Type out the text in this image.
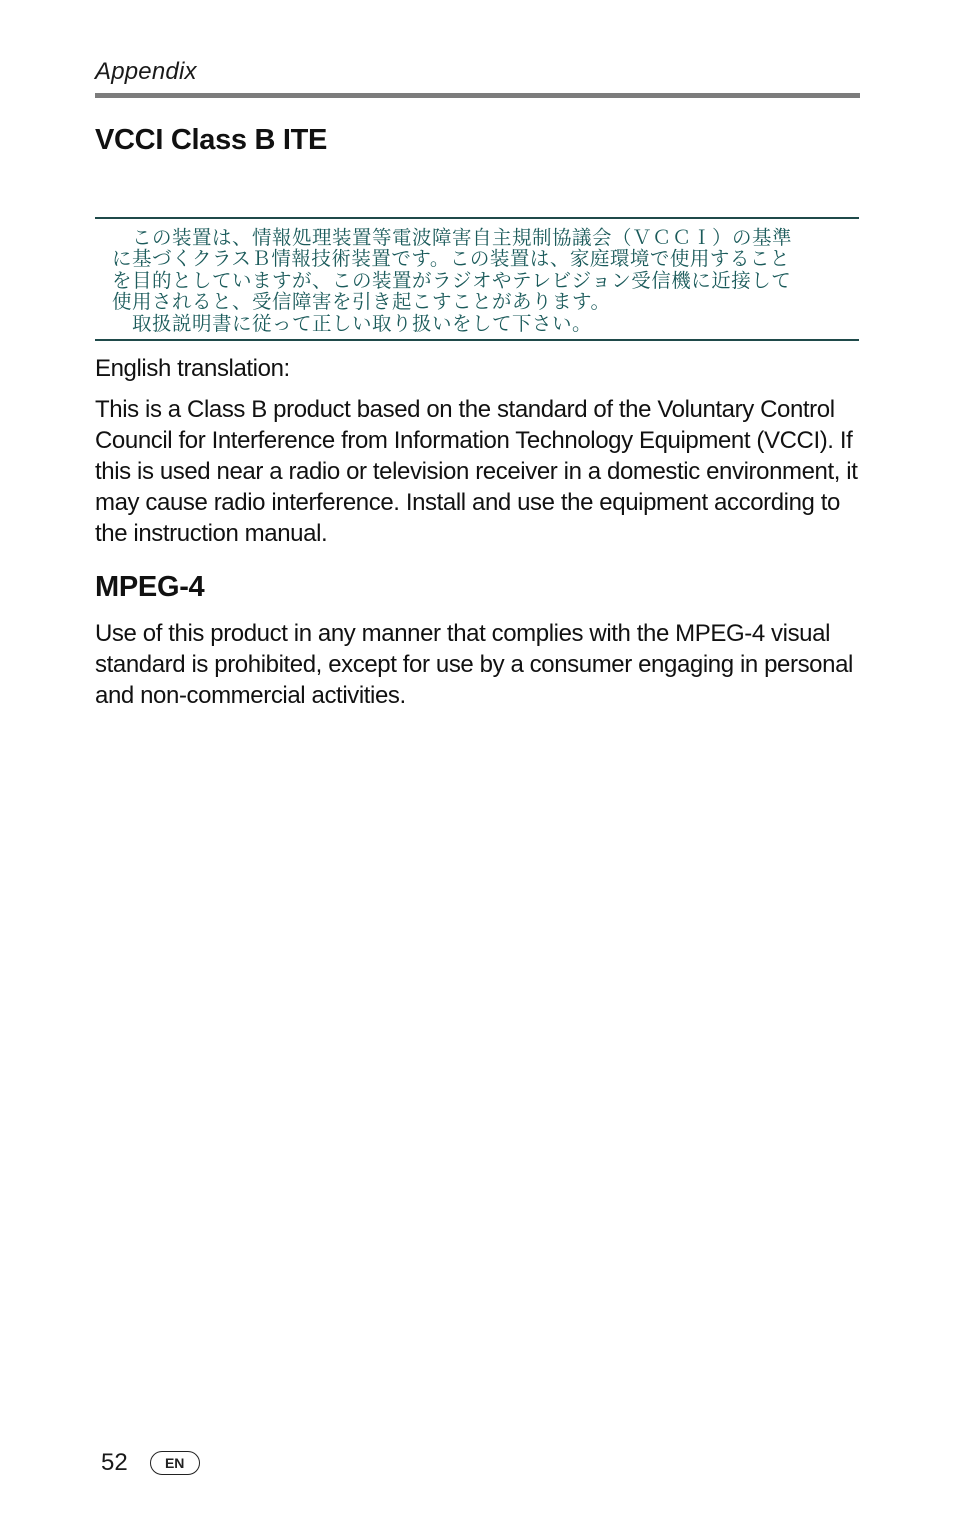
Appendix
VCCI Class B ITE

　この装置は、情報処理装置等電波障害自主規制協議会（ＶＣＣＩ）の基準
に基づくクラスＢ情報技術装置です。この装置は、家庭環境で使用すること
を目的としていますが、この装置がラジオやテレビジョン受信機に近接して
使用されると、受信障害を引き起こすことがあります。
　取扱説明書に従って正しい取り扱いをして下さい。

English translation:

This is a Class B product based on the standard of the Voluntary Control Council for Interference from Information Technology Equipment (VCCI). If this is used near a radio or television receiver in a domestic environment, it may cause radio interference. Install and use the equipment according to the instruction manual.

MPEG-4

Use of this product in any manner that complies with the MPEG-4 visual standard is prohibited, except for use by a consumer engaging in personal and non-commercial activities.

52	EN
